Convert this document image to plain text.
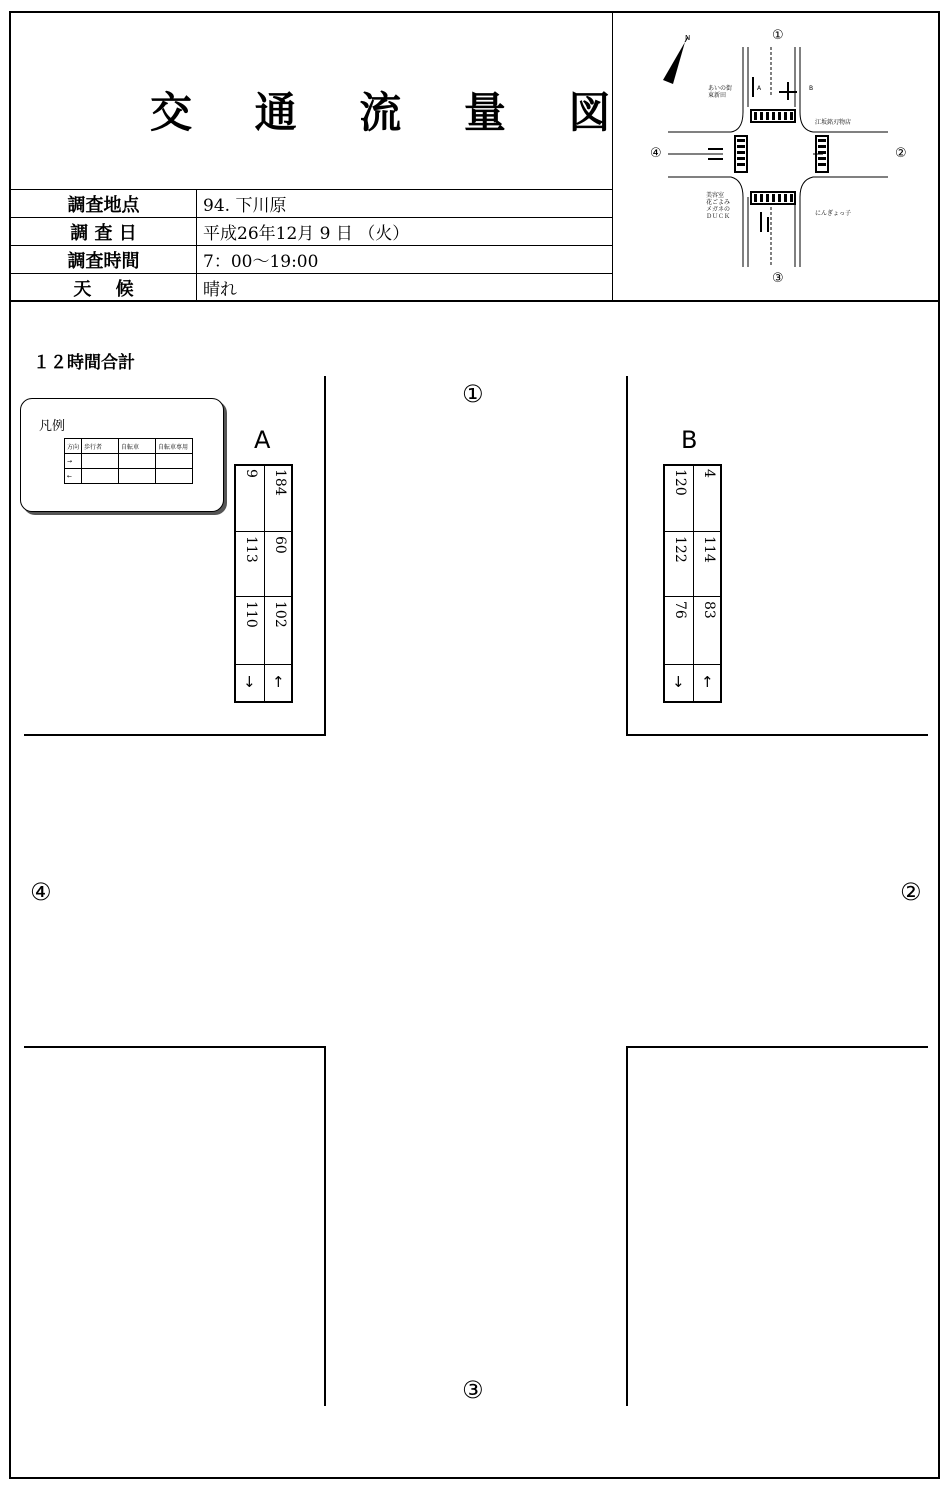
交 通 流 量 図
調査地点	94. 下川原
調 査 日	平成26年12月 9 日 （火）
調査時間	7：00～19:00
天　 候	晴れ
N
A	B
あいの街
東新田
江坂銘刃物店
美容室
花ごよみ
メガネの
ＤＵＣＫ	にんぎょっ子
①
②
③
④
１２時間合計
①
②
③
④
凡例
方向	歩行者	自転車	自転車専用
→			
←			
A
9 184
113 60
110 102
↓ ↑
B
120 4
122 114
76 83
↓ ↑
